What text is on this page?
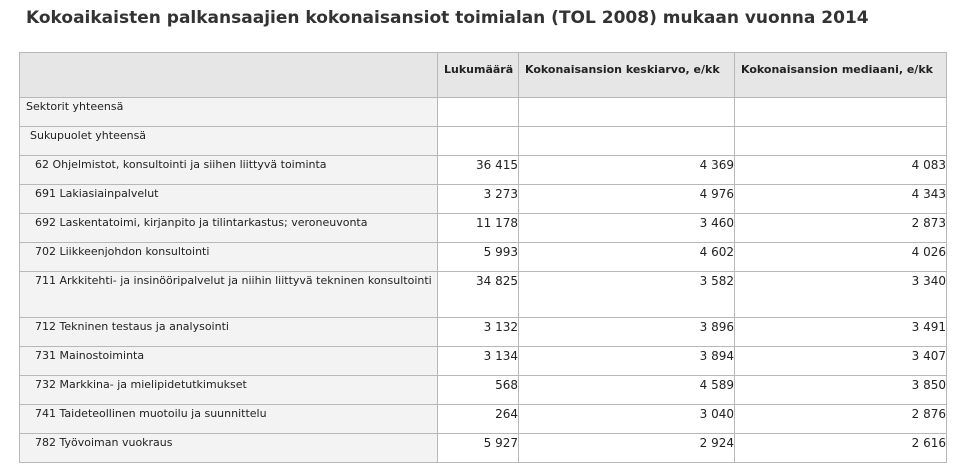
Kokoaikaisten palkansaajien kokonaisansiot toimialan (TOL 2008) mukaan vuonna 2014
	Lukumäärä	Kokonaisansion keskiarvo, e/kk	Kokonaisansion mediaani, e/kk
Sektorit yhteensä			
Sukupuolet yhteensä			
62 Ohjelmistot, konsultointi ja siihen liittyvä toiminta	36 415	4 369	4 083
691 Lakiasiainpalvelut	3 273	4 976	4 343
692 Laskentatoimi, kirjanpito ja tilintarkastus; veroneuvonta	11 178	3 460	2 873
702 Liikkeenjohdon konsultointi	5 993	4 602	4 026
711 Arkkitehti- ja insinööripalvelut ja niihin liittyvä tekninen konsultointi	34 825	3 582	3 340
712 Tekninen testaus ja analysointi	3 132	3 896	3 491
731 Mainostoiminta	3 134	3 894	3 407
732 Markkina- ja mielipidetutkimukset	568	4 589	3 850
741 Taideteollinen muotoilu ja suunnittelu	264	3 040	2 876
782 Työvoiman vuokraus	5 927	2 924	2 616
